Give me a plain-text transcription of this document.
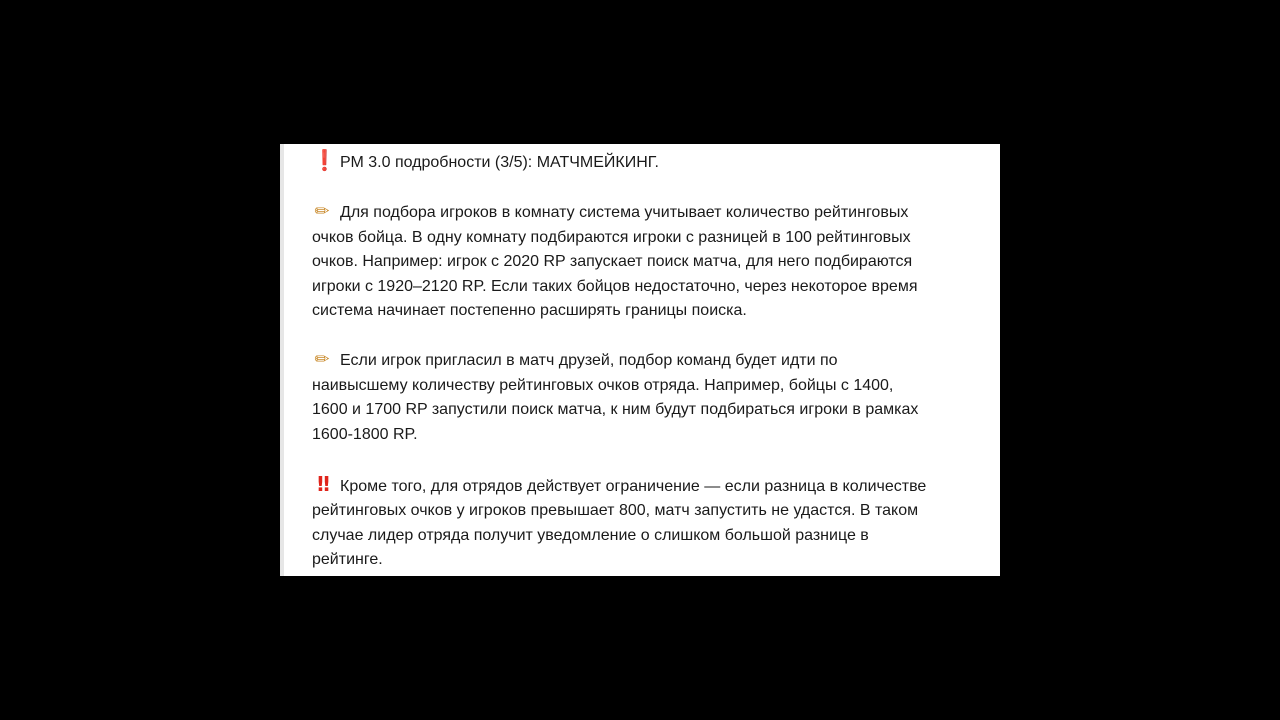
❗ РМ 3.0 подробности (3/5): МАТЧМЕЙКИНГ.

✏ Для подбора игроков в комнату система учитывает количество рейтинговых
очков бойца. В одну комнату подбираются игроки с разницей в 100 рейтинговых
очков. Например: игрок с 2020 RP запускает поиск матча, для него подбираются
игроки с 1920–2120 RP. Если таких бойцов недостаточно, через некоторое время
система начинает постепенно расширять границы поиска.

✏ Если игрок пригласил в матч друзей, подбор команд будет идти по
наивысшему количеству рейтинговых очков отряда. Например, бойцы с 1400,
1600 и 1700 RP запустили поиск матча, к ним будут подбираться игроки в рамках
1600-1800 RP.

!! Кроме того, для отрядов действует ограничение — если разница в количестве
рейтинговых очков у игроков превышает 800, матч запустить не удастся. В таком
случае лидер отряда получит уведомление о слишком большой разнице в
рейтинге.
